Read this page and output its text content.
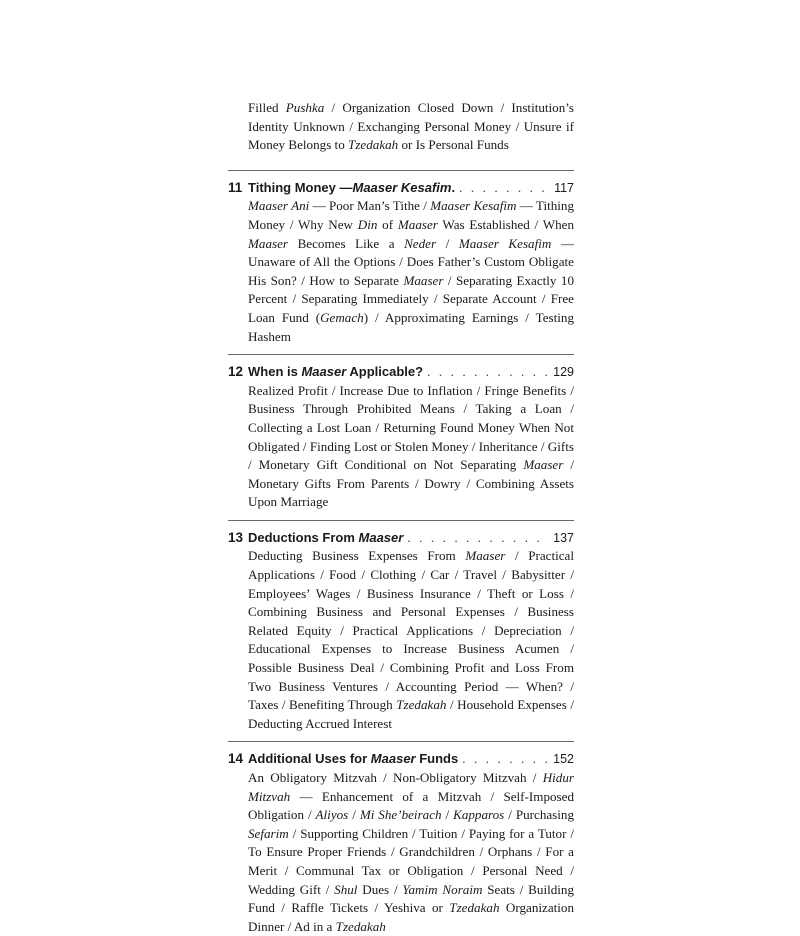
Filled Pushka / Organization Closed Down / Institution’s Identity Unknown / Exchanging Personal Money / Unsure if Money Belongs to Tzedakah or Is Personal Funds

11 Tithing Money —Maaser Kesafim. . . .	117

Maaser Ani — Poor Man’s Tithe / Maaser Kesafim — Tithing Money / Why New Din of Maaser Was Established / When Maaser Becomes Like a Neder / Maaser Kesafim — Unaware of All the Options / Does Father’s Custom Obligate His Son? / How to Separate Maaser / Separating Exactly 10 Percent / Separating Immediately / Separate Account / Free Loan Fund (Gemach) / Approximating Earnings / Testing Hashem

12 When is Maaser Applicable? . . .	129

Realized Profit / Increase Due to Inflation / Fringe Benefits / Business Through Prohibited Means / Taking a Loan / Collecting a Lost Loan / Returning Found Money When Not Obligated / Finding Lost or Stolen Money / Inheritance / Gifts / Monetary Gift Conditional on Not Separating Maaser / Monetary Gifts From Parents / Dowry / Combining Assets Upon Marriage

13 Deductions From Maaser . . .	137

Deducting Business Expenses From Maaser / Practical Applications / Food / Clothing / Car / Travel / Babysitter / Employees’ Wages / Business Insurance / Theft or Loss / Combining Business and Personal Expenses / Business Related Equity / Practical Applications / Depreciation / Educational Expenses to Increase Business Acumen / Possible Business Deal / Combining Profit and Loss From Two Business Ventures / Accounting Period — When? / Taxes / Benefiting Through Tzedakah / Household Expenses / Deducting Accrued Interest

14 Additional Uses for Maaser Funds . . .	152

An Obligatory Mitzvah / Non-Obligatory Mitzvah / Hidur Mitzvah — Enhancement of a Mitzvah / Self-Imposed Obligation / Aliyos / Mi She’beirach / Kapparos / Purchasing Sefarim / Supporting Children / Tuition / Paying for a Tutor / To Ensure Proper Friends / Grandchildren / Orphans / For a Merit / Communal Tax or Obligation / Personal Need / Wedding Gift / Shul Dues / Yamim Noraim Seats / Building Fund / Raffle Tickets / Yeshiva or Tzedakah Organization Dinner / Ad in a Tzedakah
